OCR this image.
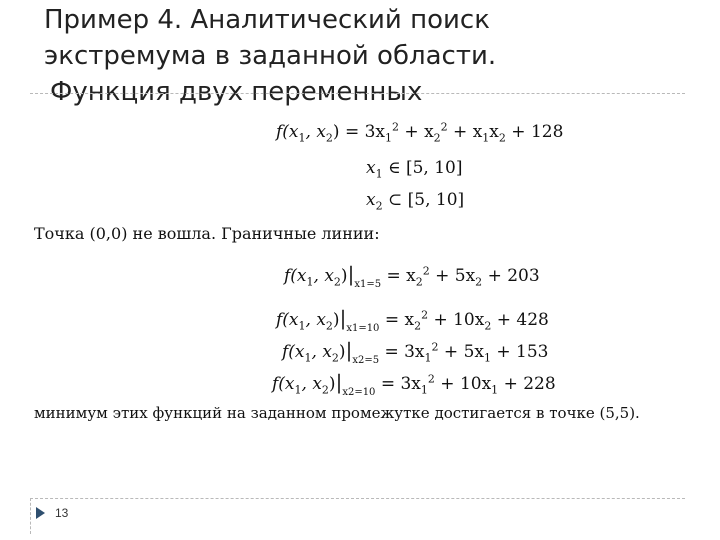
Пример 4. Аналитический поиск
экстремума в заданной области.
Функция двух переменных
$f(x_1$, $x_2) = 3x_1^2 + x_2^2 + x_1x_2 + 128$
$x_1$ ∈ [5, 10]
$x_2$ ⊂ [5, 10]
Точка (0,0) не вошла. Граничные линии:
$f(x_1$, $x_2)|_{x1=5} = x_2^2 + 5x_2 + 203$
$f(x_1$, $x_2)|_{x1=10} = x_2^2 + 10x_2 + 428$
$f(x_1$, $x_2)|_{x2=5} = 3x_1^2 + 5x_1 + 153$
$f(x_1$, $x_2)|_{x2=10} = 3x_1^2 + 10x_1 + 228$
минимум этих функций на заданном промежутке достигается в точке (5,5).
13
